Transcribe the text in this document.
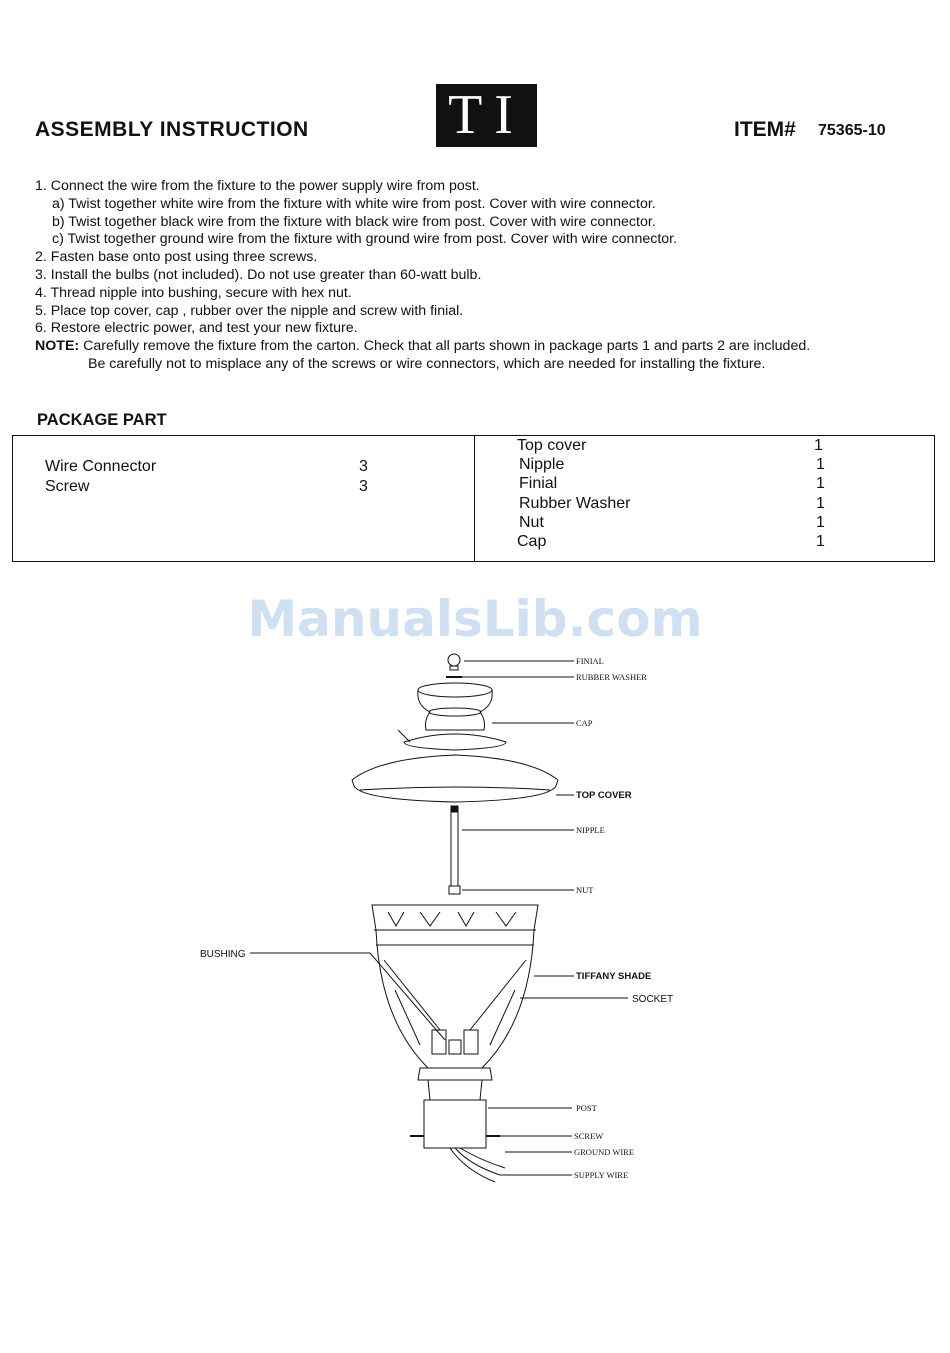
ASSEMBLY INSTRUCTION TI	ITEM# 75365-10
1. Connect the wire from the fixture to the power supply wire from post.
a) Twist together white wire from the fixture with white wire from post. Cover with wire connector.
b) Twist together black wire from the fixture with black wire from post. Cover with wire connector.
c) Twist together ground wire from the fixture with ground wire from post. Cover with wire connector.
2. Fasten base onto post using three screws.
3. Install the bulbs (not included). Do not use greater than 60-watt bulb.
4. Thread nipple into bushing, secure with hex nut.
5. Place top cover, cap , rubber over the nipple and screw with finial.
6. Restore electric power, and test your new fixture.
NOTE: Carefully remove the fixture from the carton. Check that all parts shown in package parts 1 and parts 2 are included.
Be carefully not to misplace any of the screws or wire connectors, which are needed for installing the fixture.
PACKAGE PART
Wire Connector	3
Screw	3
Top cover	1
Nipple	1
Finial	1
Rubber Washer	1
Nut	1
Cap	1
ManualsLib.com
FINIAL
RUBBER WASHER
CAP
TOP COVER
NIPPLE
NUT
BUSHING
TIFFANY SHADE
SOCKET
POST
SCREW
GROUND WIRE
SUPPLY WIRE
